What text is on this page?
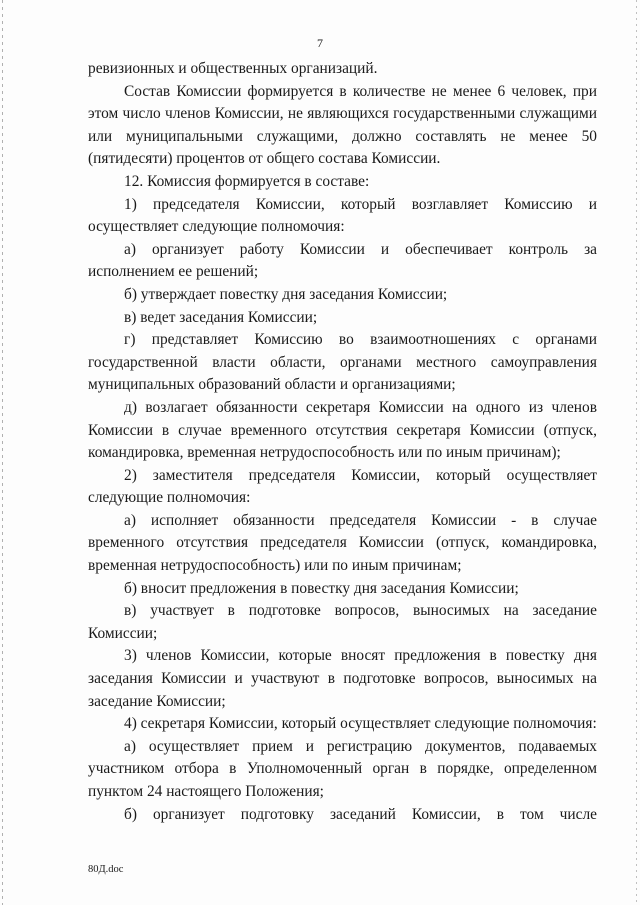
7

ревизионных и общественных организаций.

Состав Комиссии формируется в количестве не менее 6 человек, при этом число членов Комиссии, не являющихся государственными служащими или муниципальными служащими, должно составлять не менее 50 (пятидесяти) процентов от общего состава Комиссии.

12. Комиссия формируется в составе:

1) председателя Комиссии, который возглавляет Комиссию и осуществляет следующие полномочия:

а) организует работу Комиссии и обеспечивает контроль за исполнением ее решений;

б) утверждает повестку дня заседания Комиссии;

в) ведет заседания Комиссии;

г) представляет Комиссию во взаимоотношениях с органами государственной власти области, органами местного самоуправления муниципальных образований области и организациями;

д) возлагает обязанности секретаря Комиссии на одного из членов Комиссии в случае временного отсутствия секретаря Комиссии (отпуск, командировка, временная нетрудоспособность или по иным причинам);

2) заместителя председателя Комиссии, который осуществляет следующие полномочия:

а) исполняет обязанности председателя Комиссии - в случае временного отсутствия председателя Комиссии (отпуск, командировка, временная нетрудоспособность) или по иным причинам;

б) вносит предложения в повестку дня заседания Комиссии;

в) участвует в подготовке вопросов, выносимых на заседание Комиссии;

3) членов Комиссии, которые вносят предложения в повестку дня заседания Комиссии и участвуют в подготовке вопросов, выносимых на заседание Комиссии;

4) секретаря Комиссии, который осуществляет следующие полномочия:

а) осуществляет прием и регистрацию документов, подаваемых участником отбора в Уполномоченный орган в порядке, определенном пунктом 24 настоящего Положения;

б) организует подготовку заседаний Комиссии, в том числе

80Д.doc
